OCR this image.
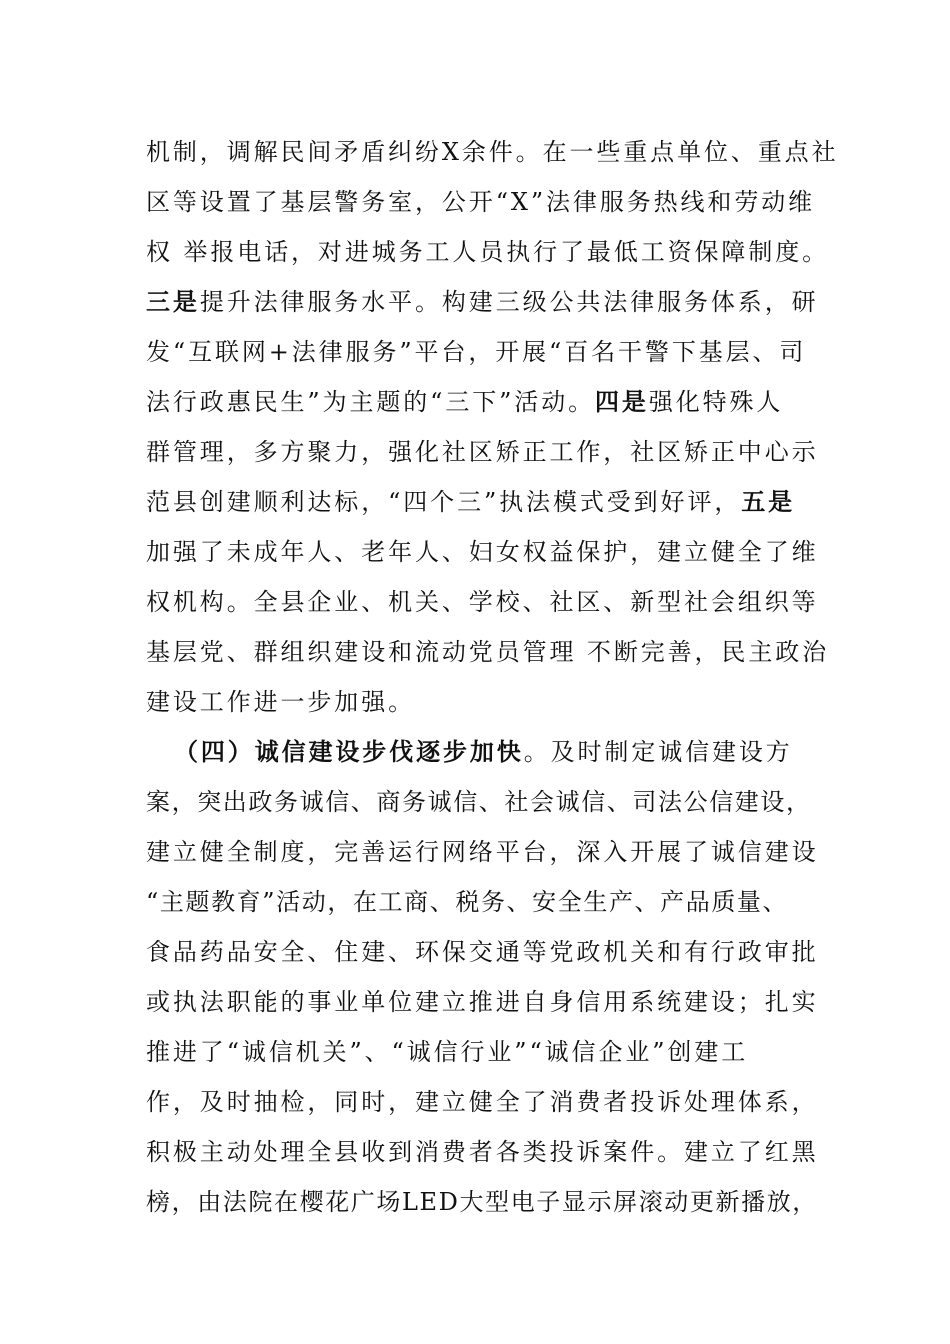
机制，调解民间矛盾纠纷X余件。在一些重点单位、重点社
区等设置了基层警务室，公开“X”法律服务热线和劳动维
权 举报电话，对进城务工人员执行了最低工资保障制度。
三是提升法律服务水平。构建三级公共法律服务体系，研
发“互联网+法律服务”平台，开展“百名干警下基层、司
法行政惠民生”为主题的“三下”活动。四是强化特殊人
群管理，多方聚力，强化社区矫正工作，社区矫正中心示
范县创建顺利达标，“四个三”执法模式受到好评，五是
加强了未成年人、老年人、妇女权益保护，建立健全了维
权机构。全县企业、机关、学校、社区、新型社会组织等
基层党、群组织建设和流动党员管理 不断完善，民主政治
建设工作进一步加强。
（四）诚信建设步伐逐步加快。及时制定诚信建设方
案，突出政务诚信、商务诚信、社会诚信、司法公信建设，
建立健全制度，完善运行网络平台，深入开展了诚信建设
“主题教育”活动，在工商、税务、安全生产、产品质量、
食品药品安全、住建、环保交通等党政机关和有行政审批
或执法职能的事业单位建立推进自身信用系统建设；扎实
推进了“诚信机关”、“诚信行业”“诚信企业”创建工
作，及时抽检，同时，建立健全了消费者投诉处理体系，
积极主动处理全县收到消费者各类投诉案件。建立了红黑
榜，由法院在樱花广场LED大型电子显示屏滚动更新播放，
